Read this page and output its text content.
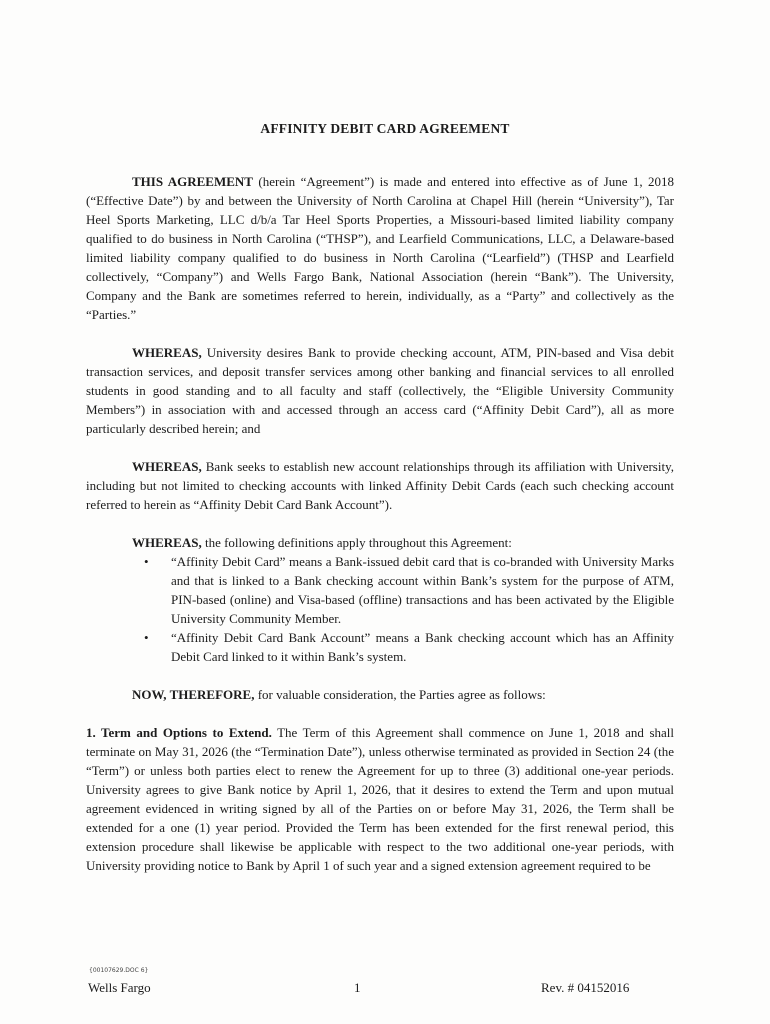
AFFINITY DEBIT CARD AGREEMENT

THIS AGREEMENT (herein “Agreement”) is made and entered into effective as of June 1, 2018 (“Effective Date”) by and between the University of North Carolina at Chapel Hill (herein “University”), Tar Heel Sports Marketing, LLC d/b/a Tar Heel Sports Properties, a Missouri-based limited liability company qualified to do business in North Carolina (“THSP”), and Learfield Communications, LLC, a Delaware-based limited liability company qualified to do business in North Carolina (“Learfield”) (THSP and Learfield collectively, “Company”) and Wells Fargo Bank, National Association (herein “Bank”). The University, Company and the Bank are sometimes referred to herein, individually, as a “Party” and collectively as the “Parties.”

WHEREAS, University desires Bank to provide checking account, ATM, PIN-based and Visa debit transaction services, and deposit transfer services among other banking and financial services to all enrolled students in good standing and to all faculty and staff (collectively, the “Eligible University Community Members”) in association with and accessed through an access card (“Affinity Debit Card”), all as more particularly described herein; and

WHEREAS, Bank seeks to establish new account relationships through its affiliation with University, including but not limited to checking accounts with linked Affinity Debit Cards (each such checking account referred to herein as “Affinity Debit Card Bank Account”).

WHEREAS, the following definitions apply throughout this Agreement:

• “Affinity Debit Card” means a Bank-issued debit card that is co-branded with University Marks and that is linked to a Bank checking account within Bank’s system for the purpose of ATM, PIN-based (online) and Visa-based (offline) transactions and has been activated by the Eligible University Community Member.
• “Affinity Debit Card Bank Account” means a Bank checking account which has an Affinity Debit Card linked to it within Bank’s system.

NOW, THEREFORE, for valuable consideration, the Parties agree as follows:

1. Term and Options to Extend. The Term of this Agreement shall commence on June 1, 2018 and shall terminate on May 31, 2026 (the “Termination Date”), unless otherwise terminated as provided in Section 24 (the “Term”) or unless both parties elect to renew the Agreement for up to three (3) additional one-year periods. University agrees to give Bank notice by April 1, 2026, that it desires to extend the Term and upon mutual agreement evidenced in writing signed by all of the Parties on or before May 31, 2026, the Term shall be extended for a one (1) year period. Provided the Term has been extended for the first renewal period, this extension procedure shall likewise be applicable with respect to the two additional one-year periods, with University providing notice to Bank by April 1 of such year and a signed extension agreement required to be

{00107629.DOC 6}
Wells Fargo	1	Rev. # 04152016
